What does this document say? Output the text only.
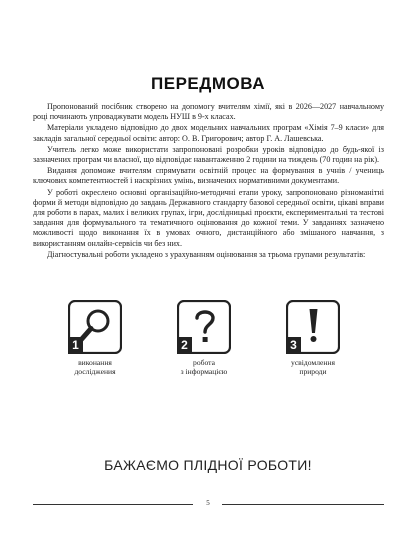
ПЕРЕДМОВА

Пропонований посібник створено на допомогу вчителям хімії, які в 2026—2027 навчальному році починають упроваджувати модель НУШ в 9-х класах.

Матеріали укладено відповідно до двох модельних навчальних програм «Хімія 7–9 класи» для закладів загальної середньої освіти: автор: О. В. Григорович; автор Г. А. Лашевська.

Учитель легко може використати запропоновані розробки уроків відповідно до будь-якої із зазначених програм чи власної, що відповідає навантаженню 2 години на тиждень (70 годин на рік).

Видання допоможе вчителям спрямувати освітній процес на формування в учнів / учениць ключових компетентностей і наскрізних умінь, визначених нормативними документами.

У роботі окреслено основні організаційно-методичні етапи уроку, запропоновано різноманітні форми й методи відповідно до завдань Державного стандарту базової середньої освіти, цікаві вправи для роботи в парах, малих і великих групах, ігри, дослідницькі проєкти, експериментальні та тестові завдання для формувального та тематичного оцінювання до кожної теми. У завданнях зазначено можливості щодо виконання їх в умовах очного, дистанційного або змішаного навчання, з використанням онлайн-сервісів чи без них.

Діагностувальні роботи укладено з урахуванням оцінювання за трьома групами результатів:

1
виконання
досліджения
2
робота
з інформацією
3
усвідомлення
природи
БАЖАЄМО ПЛІДНОЇ РОБОТИ!
5
